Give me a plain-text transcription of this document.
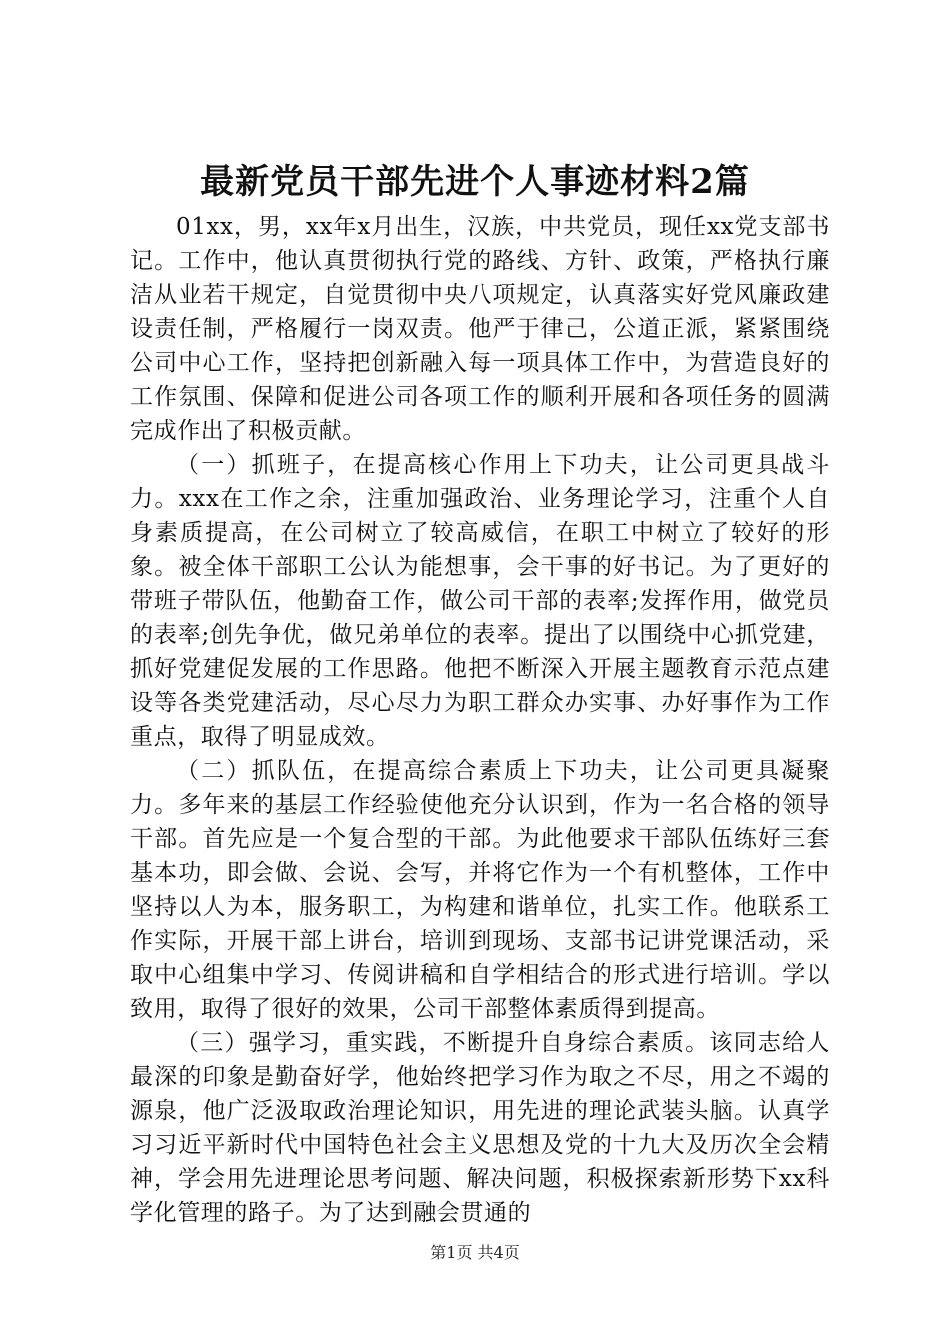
最新党员干部先进个人事迹材料2篇

01xx，男，xx年x月出生，汉族，中共党员，现任xx党支部书记。工作中，他认真贯彻执行党的路线、方针、政策，严格执行廉洁从业若干规定，自觉贯彻中央八项规定，认真落实好党风廉政建设责任制，严格履行一岗双责。他严于律己，公道正派，紧紧围绕公司中心工作，坚持把创新融入每一项具体工作中，为营造良好的工作氛围、保障和促进公司各项工作的顺利开展和各项任务的圆满完成作出了积极贡献。

（一）抓班子，在提高核心作用上下功夫，让公司更具战斗力。xxx在工作之余，注重加强政治、业务理论学习，注重个人自身素质提高，在公司树立了较高威信，在职工中树立了较好的形象。被全体干部职工公认为能想事，会干事的好书记。为了更好的带班子带队伍，他勤奋工作，做公司干部的表率;发挥作用，做党员的表率;创先争优，做兄弟单位的表率。提出了以围绕中心抓党建，抓好党建促发展的工作思路。他把不断深入开展主题教育示范点建设等各类党建活动，尽心尽力为职工群众办实事、办好事作为工作重点，取得了明显成效。

（二）抓队伍，在提高综合素质上下功夫，让公司更具凝聚力。多年来的基层工作经验使他充分认识到，作为一名合格的领导干部。首先应是一个复合型的干部。为此他要求干部队伍练好三套基本功，即会做、会说、会写，并将它作为一个有机整体，工作中坚持以人为本，服务职工，为构建和谐单位，扎实工作。他联系工作实际，开展干部上讲台，培训到现场、支部书记讲党课活动，采取中心组集中学习、传阅讲稿和自学相结合的形式进行培训。学以致用，取得了很好的效果，公司干部整体素质得到提高。

（三）强学习，重实践，不断提升自身综合素质。该同志给人最深的印象是勤奋好学，他始终把学习作为取之不尽，用之不竭的源泉，他广泛汲取政治理论知识，用先进的理论武装头脑。认真学习习近平新时代中国特色社会主义思想及党的十九大及历次全会精神，学会用先进理论思考问题、解决问题，积极探索新形势下xx科学化管理的路子。为了达到融会贯通的

第1页 共4页
